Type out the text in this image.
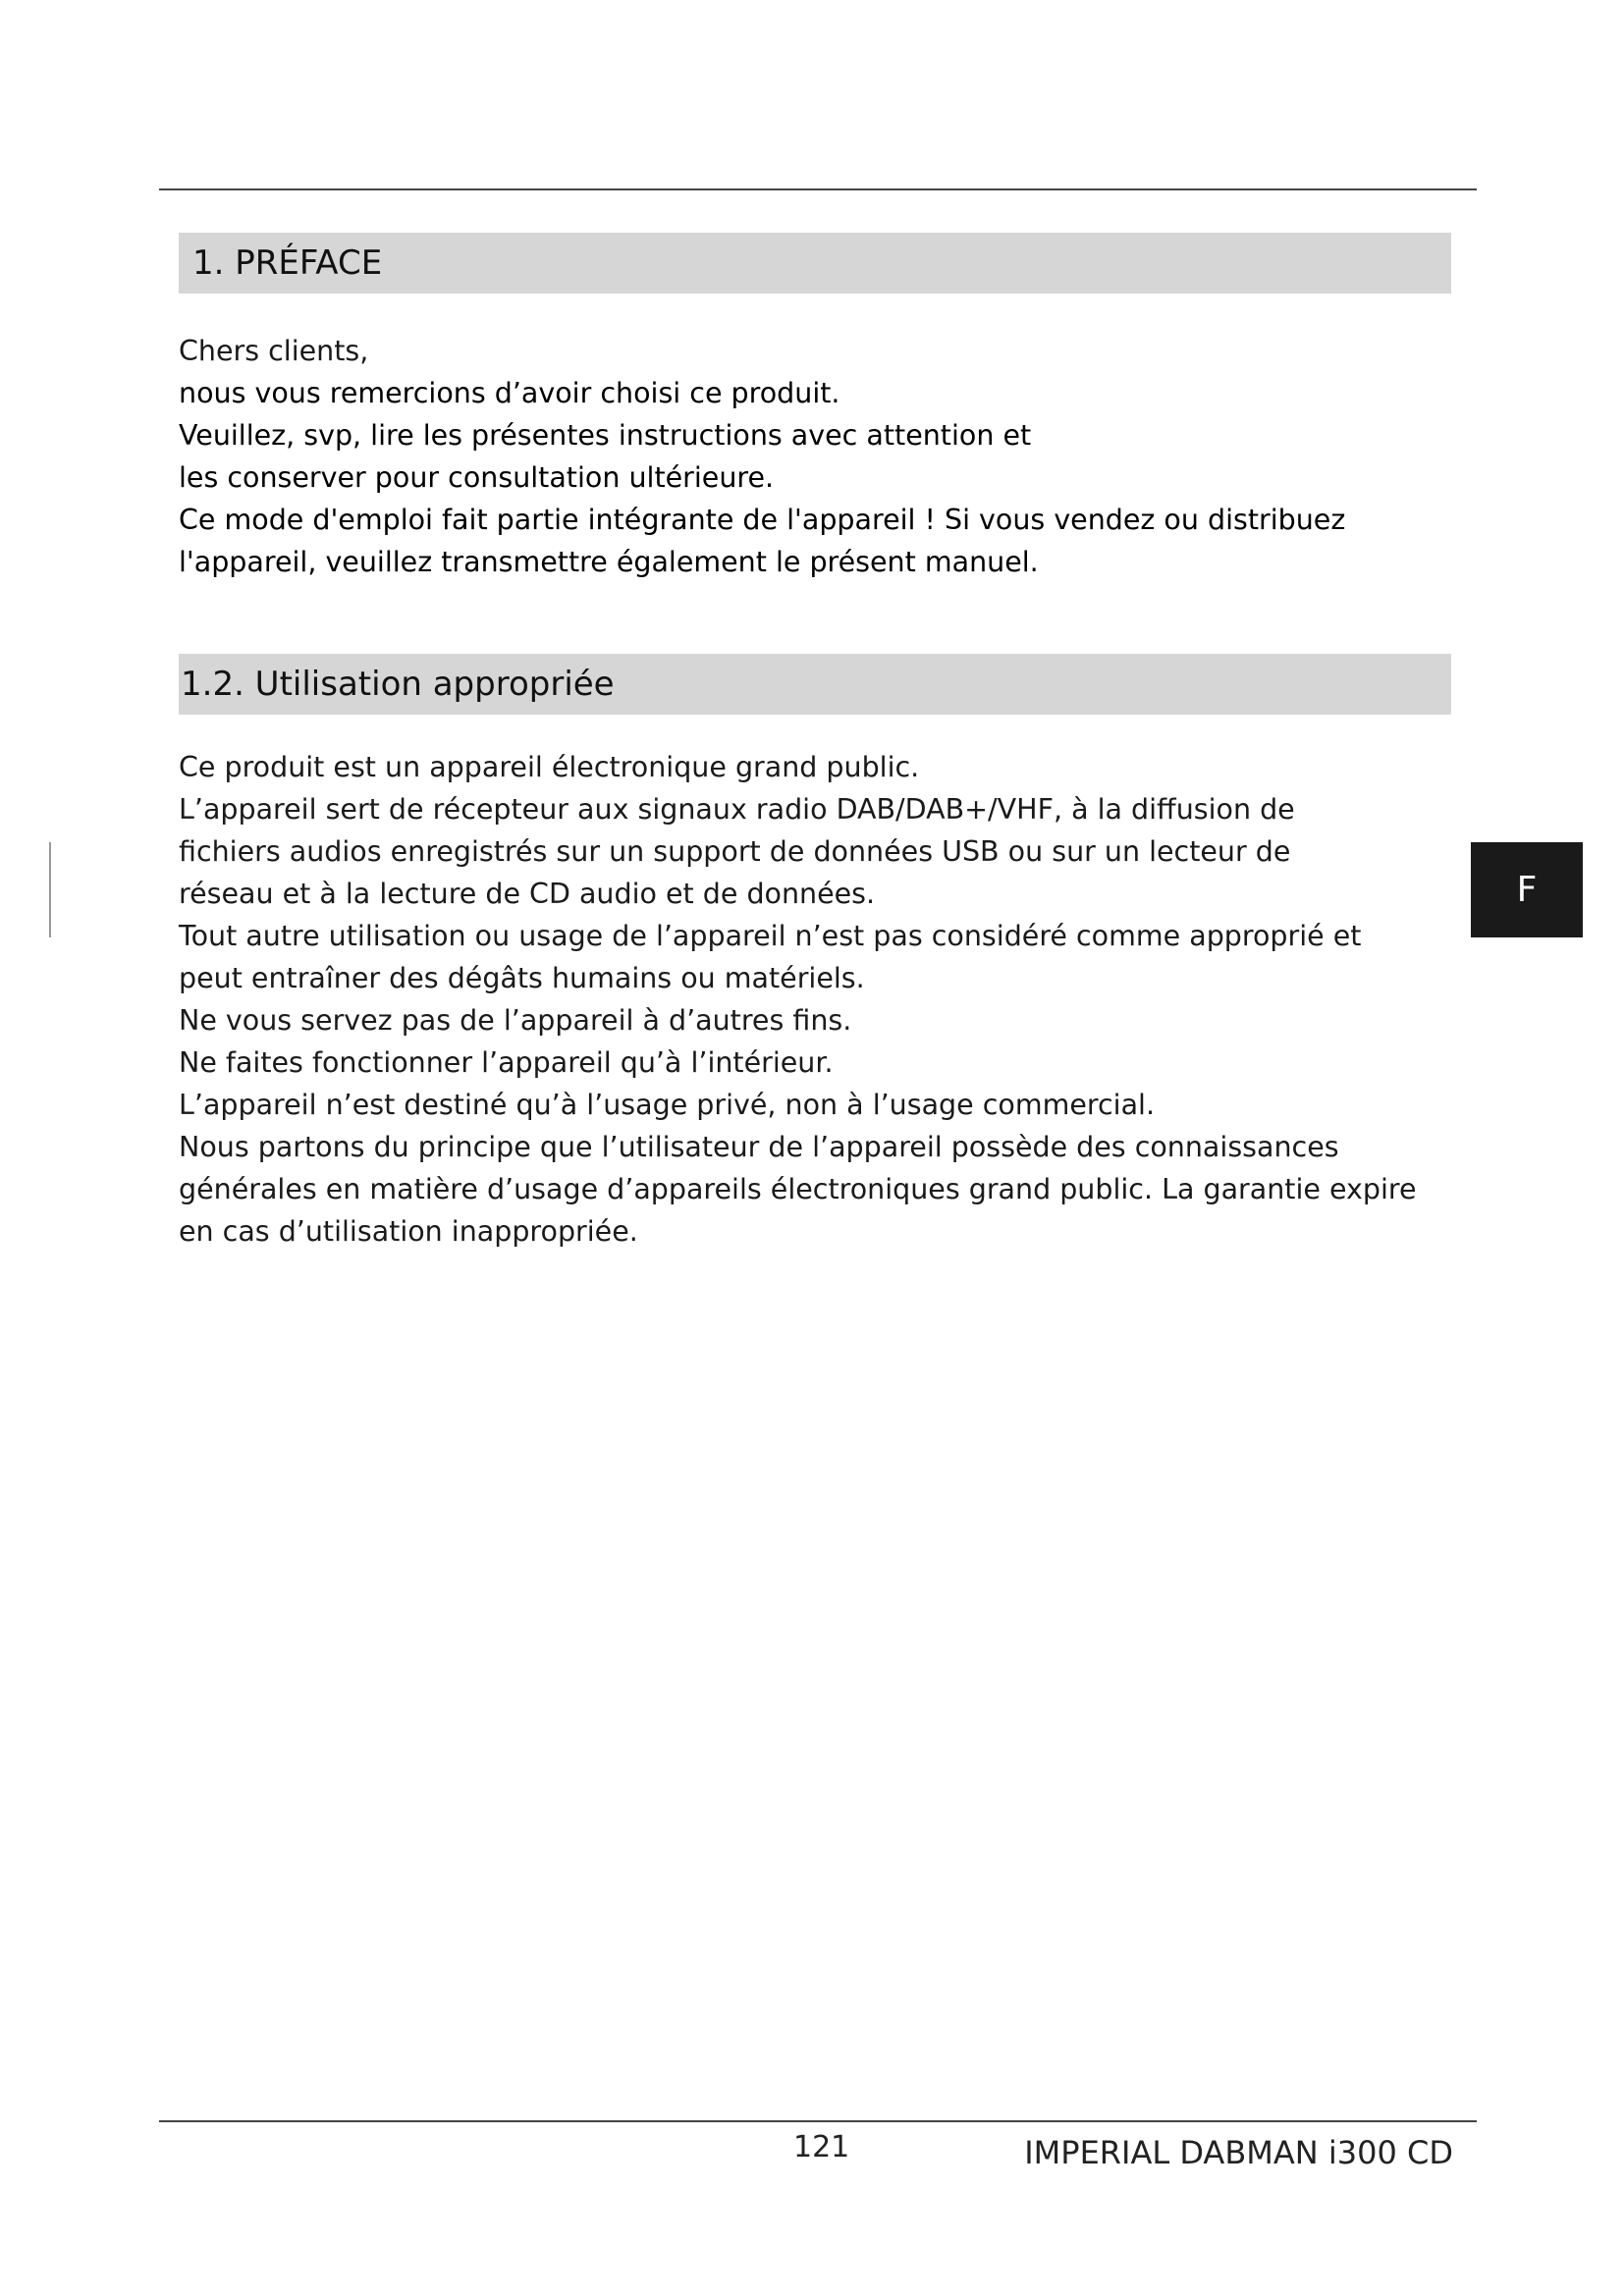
1. PRÉFACE
Chers clients,
nous vous remercions d’avoir choisi ce produit.
Veuillez, svp, lire les présentes instructions avec attention et
les conserver pour consultation ultérieure.
Ce mode d'emploi fait partie intégrante de l'appareil ! Si vous vendez ou distribuez
l'appareil, veuillez transmettre également le présent manuel.
1.2. Utilisation appropriée
Ce produit est un appareil électronique grand public.
L’appareil sert de récepteur aux signaux radio DAB/DAB+/VHF, à la diffusion de
fichiers audios enregistrés sur un support de données USB ou sur un lecteur de
réseau et à la lecture de CD audio et de données.
Tout autre utilisation ou usage de l’appareil n’est pas considéré comme approprié et
peut entraîner des dégâts humains ou matériels.
Ne vous servez pas de l’appareil à d’autres fins.
Ne faites fonctionner l’appareil qu’à l’intérieur.
L’appareil n’est destiné qu’à l’usage privé, non à l’usage commercial.
Nous partons du principe que l’utilisateur de l’appareil possède des connaissances
générales en matière d’usage d’appareils électroniques grand public. La garantie expire
en cas d’utilisation inappropriée.
F
121	IMPERIAL DABMAN i300 CD
